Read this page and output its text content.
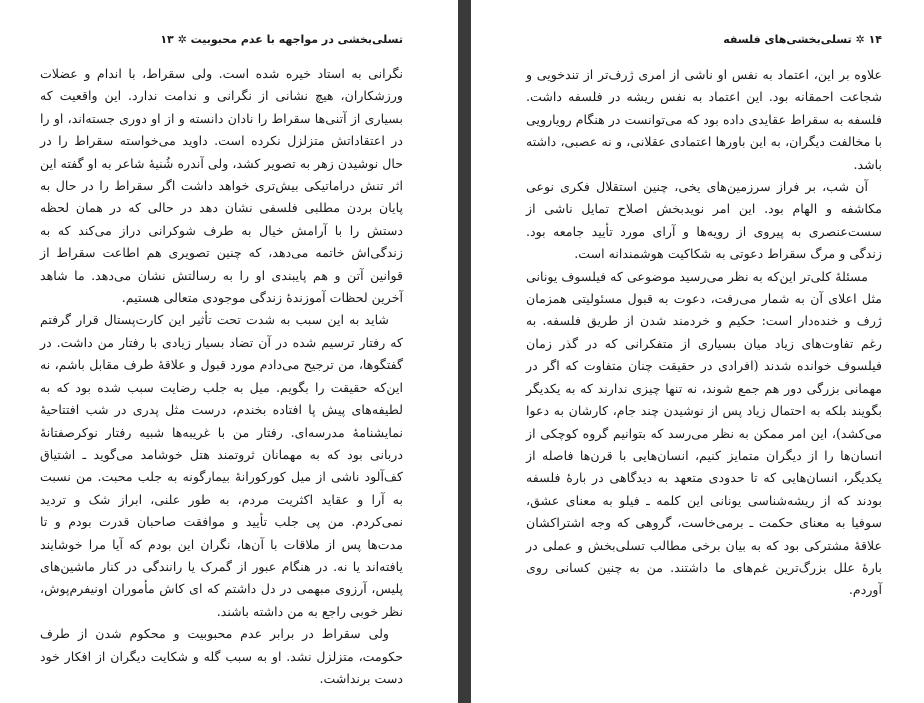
تسلی‌بخشی در مواجهه با عدم محبوبیت ✲ ۱۳

نگرانی به استاد خیره شده است. ولی سقراط، با اندام و عضلات ورزشکاران، هیچ نشانی از نگرانی و ندامت ندارد. این واقعیت که بسیاری از آتنی‌ها سقراط را نادان دانسته و از او دوری جسته‌اند، او را در اعتقاداتش متزلزل نکرده است. داوید می‌خواسته سقراط را در حال نوشیدن زهر به تصویر کشد، ولی آندره شُنیهٔ شاعر به او گفته این اثر تنش دراماتیکی بیش‌تری خواهد داشت اگر سقراط را در حال به پایان بردن مطلبی فلسفی نشان دهد در حالی که در همان لحظه دستش را با آرامش خیال به طرف شوکرانی دراز می‌کند که به زندگی‌اش خاتمه می‌دهد، که چنین تصویری هم اطاعت سقراط از قوانین آتن و هم پایبندی او را به رسالتش نشان می‌دهد. ما شاهد آخرین لحظات آموزندهٔ زندگی موجودی متعالی هستیم.

شاید به این سبب به شدت تحت تأثیر این کارت‌پستال قرار گرفتم که رفتار ترسیم شده در آن تضاد بسیار زیادی با رفتار من داشت. در گفتگوها، من ترجیح می‌دادم مورد قبول و علاقهٔ طرف مقابل باشم، نه این‌که حقیقت را بگویم. میل به جلب رضایت سبب شده بود که به لطیفه‌های پیش پا افتاده بخندم، درست مثل پدری در شب افتتاحیهٔ نمایشنامهٔ مدرسه‌ای. رفتار من با غریبه‌ها شبیه رفتار نوکرصفتانهٔ دربانی بود که به مهمانان ثروتمند هتل خوشامد می‌گوید ـ اشتیاق کف‌آلود ناشی از میل کورکورانهٔ بیمارگونه به جلب محبت. من نسبت به آرا و عقاید اکثریت مردم، به طور علنی، ابراز شک و تردید نمی‌کردم. من پی جلب تأیید و موافقت صاحبان قدرت بودم و تا مدت‌ها پس از ملاقات با آن‌ها، نگران این بودم که آیا مرا خوشایند یافته‌اند یا نه. در هنگام عبور از گمرک یا رانندگی در کنار ماشین‌های پلیس، آرزوی مبهمی در دل داشتم که ای کاش مأموران اونیفرم‌پوش، نظر خوبی راجع به من داشته باشند.

ولی سقراط در برابر عدم محبوبیت و محکوم شدن از طرف حکومت، متزلزل نشد. او به سبب گله و شکایت دیگران از افکار خود دست برنداشت.

۱۴ ✲ تسلی‌بخشی‌های فلسفه

علاوه بر این، اعتماد به نفس او ناشی از امری ژرف‌تر از تندخویی و شجاعت احمقانه بود. این اعتماد به نفس ریشه در فلسفه داشت. فلسفه به سقراط عقایدی داده بود که می‌توانست در هنگام رویارویی با مخالفت دیگران، به این باورها اعتمادی عقلانی، و نه عصبی، داشته باشد.

آن شب، بر فراز سرزمین‌های یخی، چنین استقلال فکری نوعی مکاشفه و الهام بود. این امر نویدبخش اصلاح تمایل ناشی از سست‌عنصری به پیروی از رویه‌ها و آرای مورد تأیید جامعه بود. زندگی و مرگ سقراط دعوتی به شکاکیت هوشمندانه است.

مسئلهٔ کلی‌تر این‌که به نظر می‌رسید موضوعی که فیلسوف یونانی مثل اعلای آن به شمار می‌رفت، دعوت به قبول مسئولیتی همزمان ژرف و خنده‌دار است: حکیم و خردمند شدن از طریق فلسفه. به رغم تفاوت‌های زیاد میان بسیاری از متفکرانی که در گذر زمان فیلسوف خوانده شدند (افرادی در حقیقت چنان متفاوت که اگر در مهمانی بزرگی دور هم جمع شوند، نه تنها چیزی ندارند که به یکدیگر بگویند بلکه به احتمال زیاد پس از نوشیدن چند جام، کارشان به دعوا می‌کشد)، این امر ممکن به نظر می‌رسد که بتوانیم گروه کوچکی از انسان‌ها را از دیگران متمایز کنیم، انسان‌هایی با قرن‌ها فاصله از یکدیگر، انسان‌هایی که تا حدودی متعهد به دیدگاهی در بارهٔ فلسفه بودند که از ریشه‌شناسی یونانی این کلمه ـ فیلو به معنای عشق، سوفیا به معنای حکمت ـ برمی‌خاست، گروهی که وجه اشتراکشان علاقهٔ مشترکی بود که به بیان برخی مطالب تسلی‌بخش و عملی در بارهٔ علل بزرگ‌ترین غم‌های ما داشتند. من به چنین کسانی روی آوردم.
